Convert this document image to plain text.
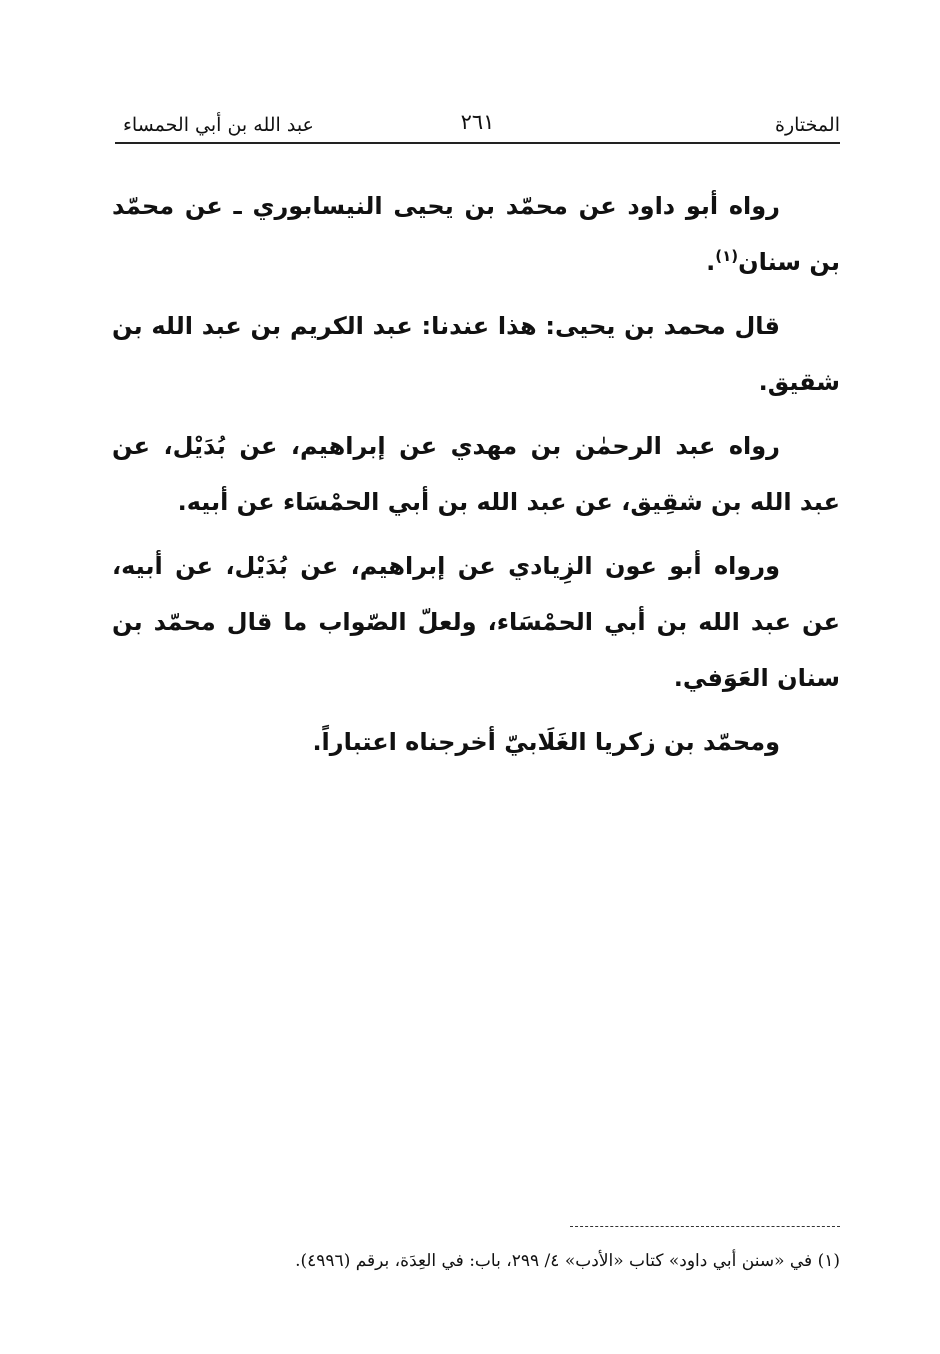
المختارة
٢٦١
عبد الله بن أبي الحمساء

رواه أبو داود عن محمّد بن يحيى النيسابوري ـ عن محمّد بن سنان$^{(١)}$.

قال محمد بن يحيى: هذا عندنا: عبد الكريم بن عبد الله بن شقيق.

رواه عبد الرحمٰن بن مهدي عن إبراهيم، عن بُدَيْل، عن عبد الله بن شقِيق، عن عبد الله بن أبي الحمْسَاء عن أبيه.

ورواه أبو عون الزِيادي عن إبراهيم، عن بُدَيْل، عن أبيه، عن عبد الله بن أبي الحمْسَاء، ولعلّ الصّواب ما قال محمّد بن سنان العَوَفي.

ومحمّد بن زكريا الغَلَابيّ أخرجناه اعتباراً.

(١) في «سنن أبي داود» كتاب «الأدب» ٤/ ٢٩٩، باب: في العِدَة، برقم (٤٩٩٦).
